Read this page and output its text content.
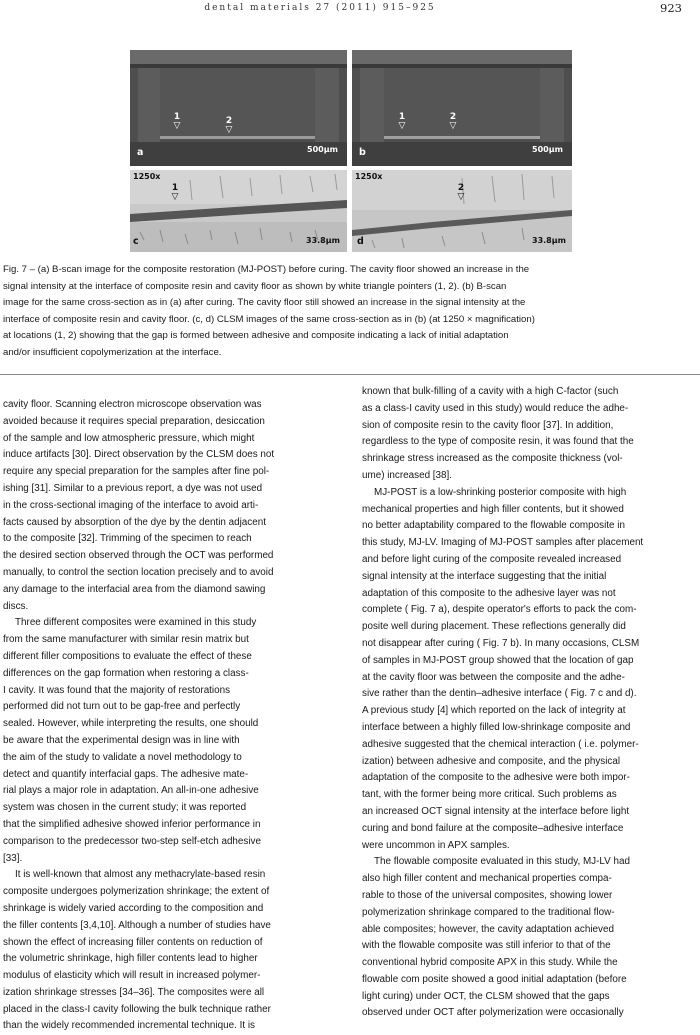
dental materials 27 (2011) 915–925	923
1
▽	2
▽
a	500µm
1
▽
2
▽
b	500µm
1250x
1
▽
c	33.8µm
1250x
2
▽
d	33.8µm
Fig. 7 – (a) B-scan image for the composite restoration (MJ-POST) before curing. The cavity floor showed an increase in the
signal intensity at the interface of composite resin and cavity floor as shown by white triangle pointers (1, 2). (b) B-scan
image for the same cross-section as in (a) after curing. The cavity floor still showed an increase in the signal intensity at the
interface of composite resin and cavity floor. (c, d) CLSM images of the same cross-section as in (b) (at 1250 × magnification)
at locations (1, 2) showing that the gap is formed between adhesive and composite indicating a lack of initial adaptation
and/or insufficient copolymerization at the interface.
cavity floor. Scanning electron microscope observation was
avoided because it requires special preparation, desiccation
of the sample and low atmospheric pressure, which might
induce artifacts [30]. Direct observation by the CLSM does not
require any special preparation for the samples after fine pol-
ishing [31]. Similar to a previous report, a dye was not used
in the cross-sectional imaging of the interface to avoid arti-
facts caused by absorption of the dye by the dentin adjacent
to the composite [32]. Trimming of the specimen to reach
the desired section observed through the OCT was performed
manually, to control the section location precisely and to avoid
any damage to the interfacial area from the diamond sawing
discs.
Three different composites were examined in this study
from the same manufacturer with similar resin matrix but
different filler compositions to evaluate the effect of these
differences on the gap formation when restoring a class-
I cavity. It was found that the majority of restorations
performed did not turn out to be gap-free and perfectly
sealed. However, while interpreting the results, one should
be aware that the experimental design was in line with
the aim of the study to validate a novel methodology to
detect and quantify interfacial gaps. The adhesive mate-
rial plays a major role in adaptation. An all-in-one adhesive
system was chosen in the current study; it was reported
that the simplified adhesive showed inferior performance in
comparison to the predecessor two-step self-etch adhesive
[33].
It is well-known that almost any methacrylate-based resin
composite undergoes polymerization shrinkage; the extent of
shrinkage is widely varied according to the composition and
the filler contents [3,4,10]. Although a number of studies have
shown the effect of increasing filler contents on reduction of
the volumetric shrinkage, high filler contents lead to higher
modulus of elasticity which will result in increased polymer-
ization shrinkage stresses [34–36]. The composites were all
placed in the class-I cavity following the bulk technique rather
than the widely recommended incremental technique. It is
known that bulk-filling of a cavity with a high C-factor (such
as a class-I cavity used in this study) would reduce the adhe-
sion of composite resin to the cavity floor [37]. In addition,
regardless to the type of composite resin, it was found that the
shrinkage stress increased as the composite thickness (vol-
ume) increased [38].
MJ-POST is a low-shrinking posterior composite with high
mechanical properties and high filler contents, but it showed
no better adaptability compared to the flowable composite in
this study, MJ-LV. Imaging of MJ-POST samples after placement
and before light curing of the composite revealed increased
signal intensity at the interface suggesting that the initial
adaptation of this composite to the adhesive layer was not
complete ( Fig. 7 a), despite operator's efforts to pack the com-
posite well during placement. These reflections generally did
not disappear after curing ( Fig. 7 b). In many occasions, CLSM
of samples in MJ-POST group showed that the location of gap
at the cavity floor was between the composite and the adhe-
sive rather than the dentin–adhesive interface ( Fig. 7 c and d).
A previous study [4] which reported on the lack of integrity at
interface between a highly filled low-shrinkage composite and
adhesive suggested that the chemical interaction ( i.e. polymer-
ization) between adhesive and composite, and the physical
adaptation of the composite to the adhesive were both impor-
tant, with the former being more critical. Such problems as
an increased OCT signal intensity at the interface before light
curing and bond failure at the composite–adhesive interface
were uncommon in APX samples.
The flowable composite evaluated in this study, MJ-LV had
also high filler content and mechanical properties compa-
rable to those of the universal composites, showing lower
polymerization shrinkage compared to the traditional flow-
able composites; however, the cavity adaptation achieved
with the flowable composite was still inferior to that of the
conventional hybrid composite APX in this study. While the
flowable com posite showed a good initial adaptation (before
light curing) under OCT, the CLSM showed that the gaps
observed under OCT after polymerization were occasionally
